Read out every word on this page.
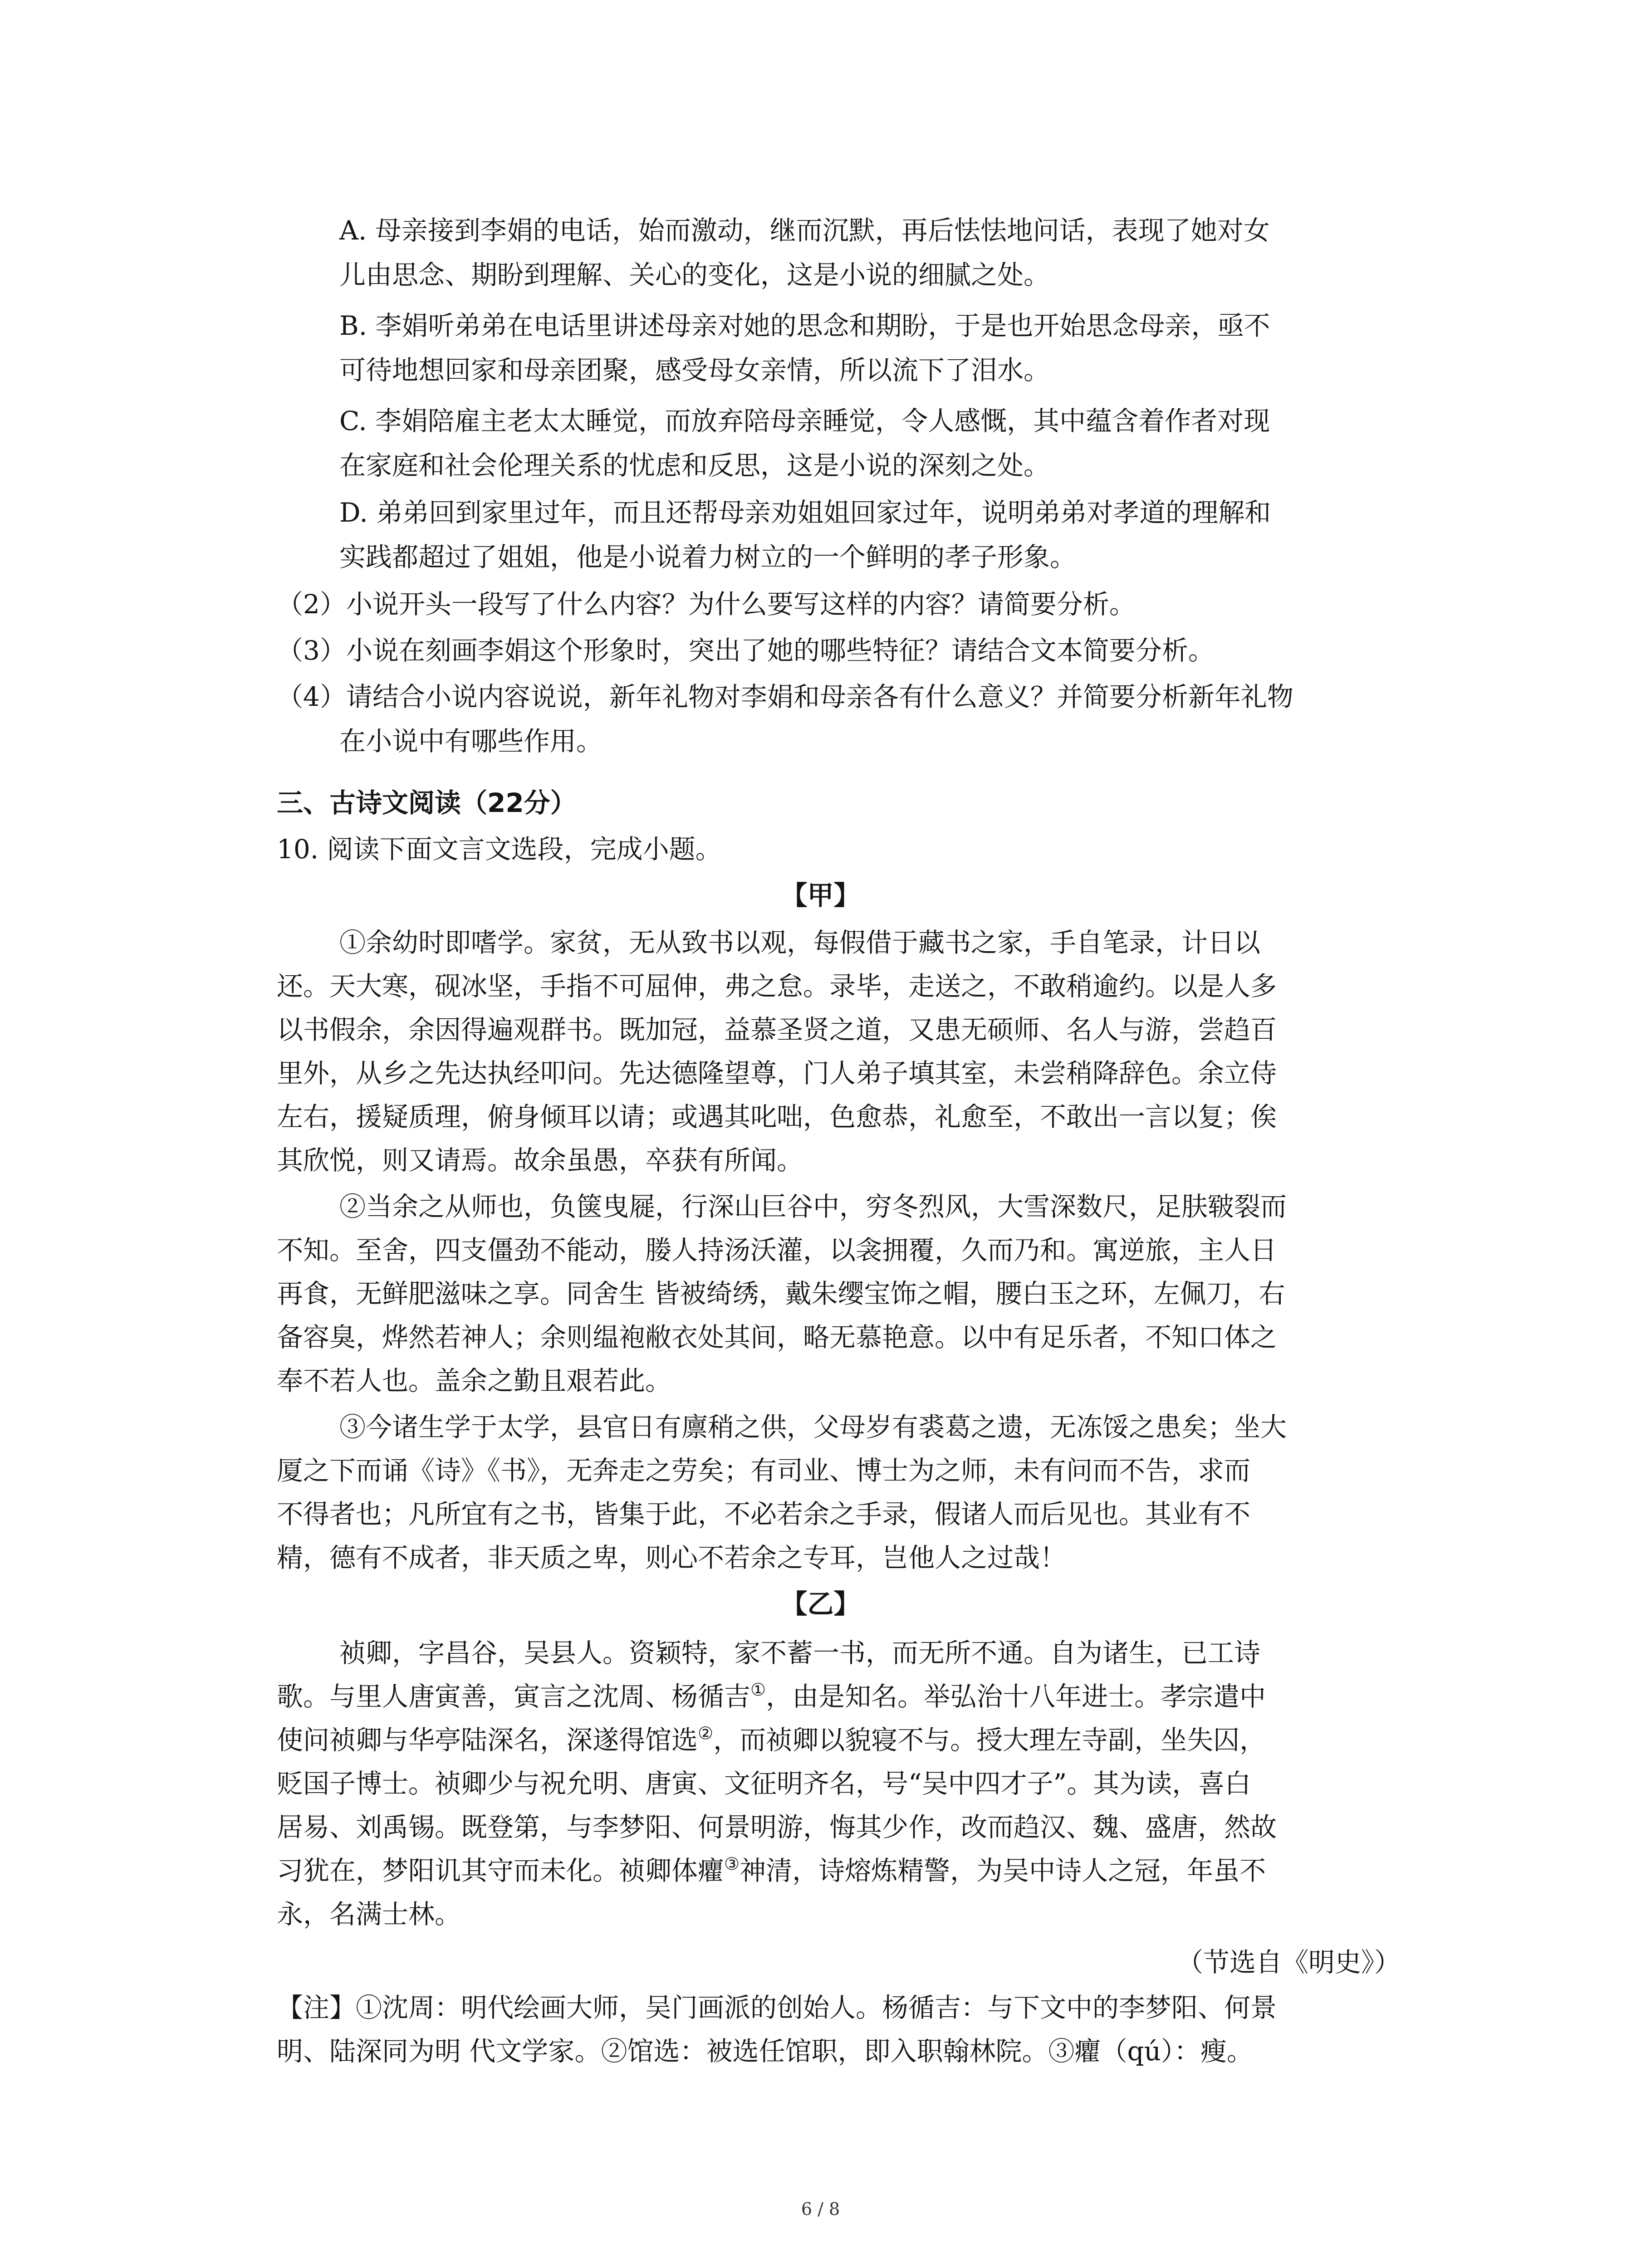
A. 母亲接到李娟的电话，始而激动，继而沉默，再后怯怯地问话，表现了她对女

儿由思念、期盼到理解、关心的变化，这是小说的细腻之处。

B. 李娟听弟弟在电话里讲述母亲对她的思念和期盼，于是也开始思念母亲，亟不

可待地想回家和母亲团聚，感受母女亲情，所以流下了泪水。

C. 李娟陪雇主老太太睡觉，而放弃陪母亲睡觉，令人感慨，其中蕴含着作者对现

在家庭和社会伦理关系的忧虑和反思，这是小说的深刻之处。

D. 弟弟回到家里过年，而且还帮母亲劝姐姐回家过年，说明弟弟对孝道的理解和

实践都超过了姐姐，他是小说着力树立的一个鲜明的孝子形象。

（2）小说开头一段写了什么内容？为什么要写这样的内容？请简要分析。

（3）小说在刻画李娟这个形象时，突出了她的哪些特征？请结合文本简要分析。

（4）请结合小说内容说说，新年礼物对李娟和母亲各有什么意义？并简要分析新年礼物

在小说中有哪些作用。

三、古诗文阅读（22分）

10. 阅读下面文言文选段，完成小题。

【甲】

①余幼时即嗜学。家贫，无从致书以观，每假借于藏书之家，手自笔录，计日以

还。天大寒，砚冰坚，手指不可屈伸，弗之怠。录毕，走送之，不敢稍逾约。以是人多

以书假余，余因得遍观群书。既加冠，益慕圣贤之道，又患无硕师、名人与游，尝趋百

里外，从乡之先达执经叩问。先达德隆望尊，门人弟子填其室，未尝稍降辞色。余立侍

左右，援疑质理，俯身倾耳以请；或遇其叱咄，色愈恭，礼愈至，不敢出一言以复；俟

其欣悦，则又请焉。故余虽愚，卒获有所闻。

②当余之从师也，负箧曳屣，行深山巨谷中，穷冬烈风，大雪深数尺，足肤皲裂而

不知。至舍，四支僵劲不能动，媵人持汤沃灌，以衾拥覆，久而乃和。寓逆旅，主人日

再食，无鲜肥滋味之享。同舍生 皆被绮绣，戴朱缨宝饰之帽，腰白玉之环，左佩刀，右

备容臭，烨然若神人；余则缊袍敝衣处其间，略无慕艳意。以中有足乐者，不知口体之

奉不若人也。盖余之勤且艰若此。

③今诸生学于太学，县官日有廪稍之供，父母岁有裘葛之遗，无冻馁之患矣；坐大

厦之下而诵《诗》《书》，无奔走之劳矣；有司业、博士为之师，未有问而不告，求而

不得者也；凡所宜有之书，皆集于此，不必若余之手录，假诸人而后见也。其业有不

精，德有不成者，非天质之卑，则心不若余之专耳，岂他人之过哉！

【乙】

祯卿，字昌谷，吴县人。资颖特，家不蓄一书，而无所不通。自为诸生，已工诗

歌。与里人唐寅善，寅言之沈周、杨循吉①，由是知名。举弘治十八年进士。孝宗遣中

使问祯卿与华亭陆深名，深遂得馆选②，而祯卿以貌寝不与。授大理左寺副，坐失囚，

贬国子博士。祯卿少与祝允明、唐寅、文征明齐名，号“吴中四才子”。其为读，喜白

居易、刘禹锡。既登第，与李梦阳、何景明游，悔其少作，改而趋汉、魏、盛唐，然故

习犹在，梦阳讥其守而未化。祯卿体癯③神清，诗熔炼精警，为吴中诗人之冠，年虽不

永，名满士林。

（节选自《明史》）

【注】①沈周：明代绘画大师，吴门画派的创始人。杨循吉：与下文中的李梦阳、何景

明、陆深同为明 代文学家。②馆选：被选任馆职，即入职翰林院。③癯（qú）：瘦。

6 / 8
